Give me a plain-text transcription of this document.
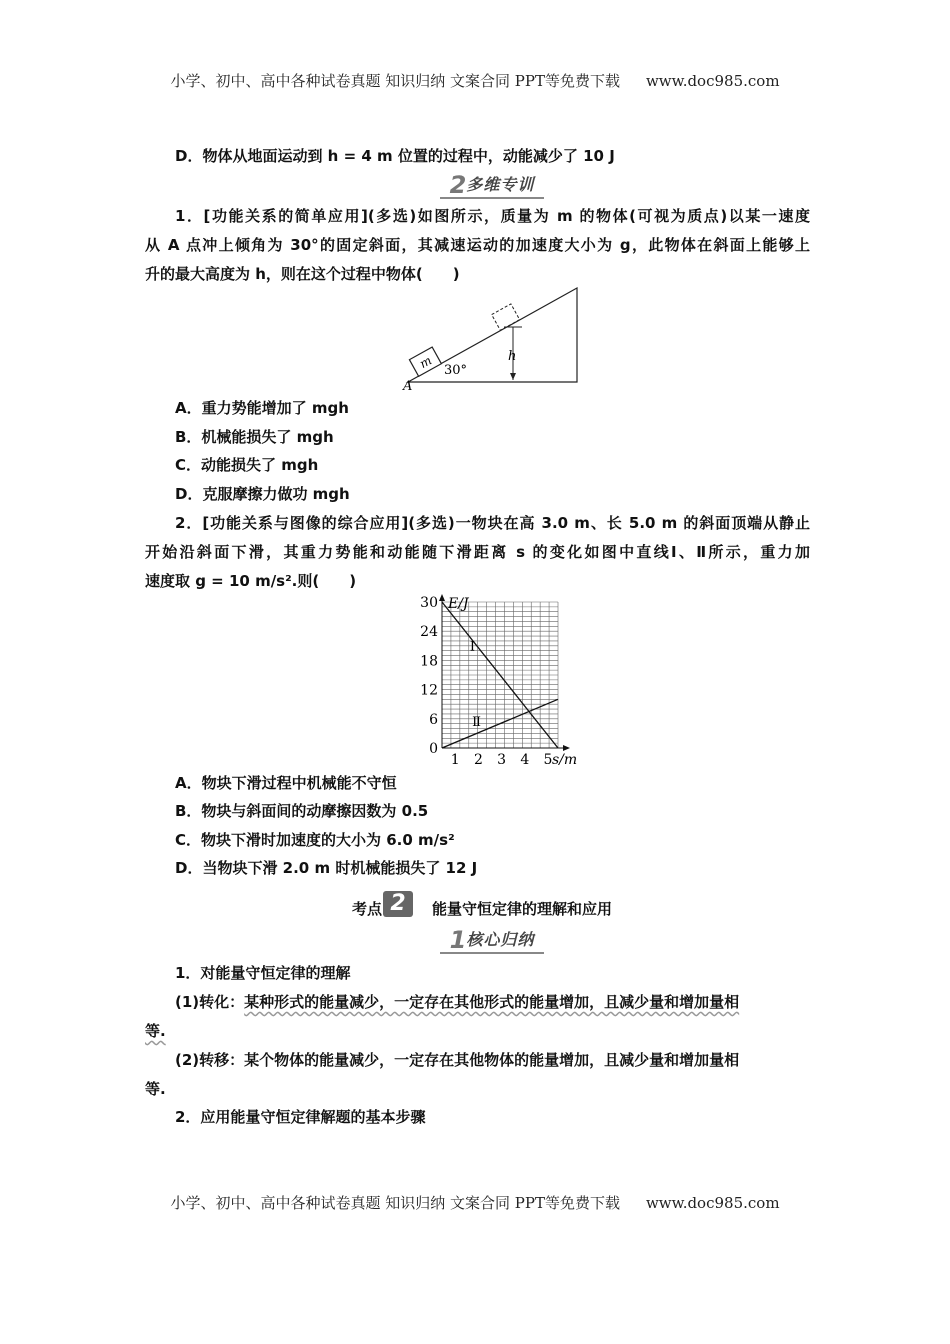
小学、初中、高中各种试卷真题 知识归纳 文案合同 PPT等免费下载 www.doc985.com
D．物体从地面运动到 h = 4 m 位置的过程中，动能减少了 10 J
2多维专训
1．[功能关系的简单应用](多选)如图所示，质量为 m 的物体(可视为质点)以某一速度
从 A 点冲上倾角为 30°的固定斜面，其减速运动的加速度大小为 g，此物体在斜面上能够上
升的最大高度为 h，则在这个过程中物体(　　)
m 30°
h
A
A．重力势能增加了 mgh
B．机械能损失了 mgh
C．动能损失了 mgh
D．克服摩擦力做功 mgh
2．[功能关系与图像的综合应用](多选)一物块在高 3.0 m、长 5.0 m 的斜面顶端从静止
开始沿斜面下滑，其重力势能和动能随下滑距离 s 的变化如图中直线Ⅰ、Ⅱ所示，重力加
速度取 g = 10 m/s².则(　　)
0
6
12
18
24
30
1 2 3 4 5
E/J
s/m
Ⅰ
Ⅱ
A．物块下滑过程中机械能不守恒
B．物块与斜面间的动摩擦因数为 0.5
C．物块下滑时加速度的大小为 6.0 m/s²
D．当物块下滑 2.0 m 时机械能损失了 12 J
考点 2	能量守恒定律的理解和应用
1核心归纳
1．对能量守恒定律的理解
(1)转化：某种形式的能量减少，一定存在其他形式的能量增加，且减少量和增加量相
等.
(2)转移：某个物体的能量减少，一定存在其他物体的能量增加，且减少量和增加量相
等.
2．应用能量守恒定律解题的基本步骤
小学、初中、高中各种试卷真题 知识归纳 文案合同 PPT等免费下载 www.doc985.com
